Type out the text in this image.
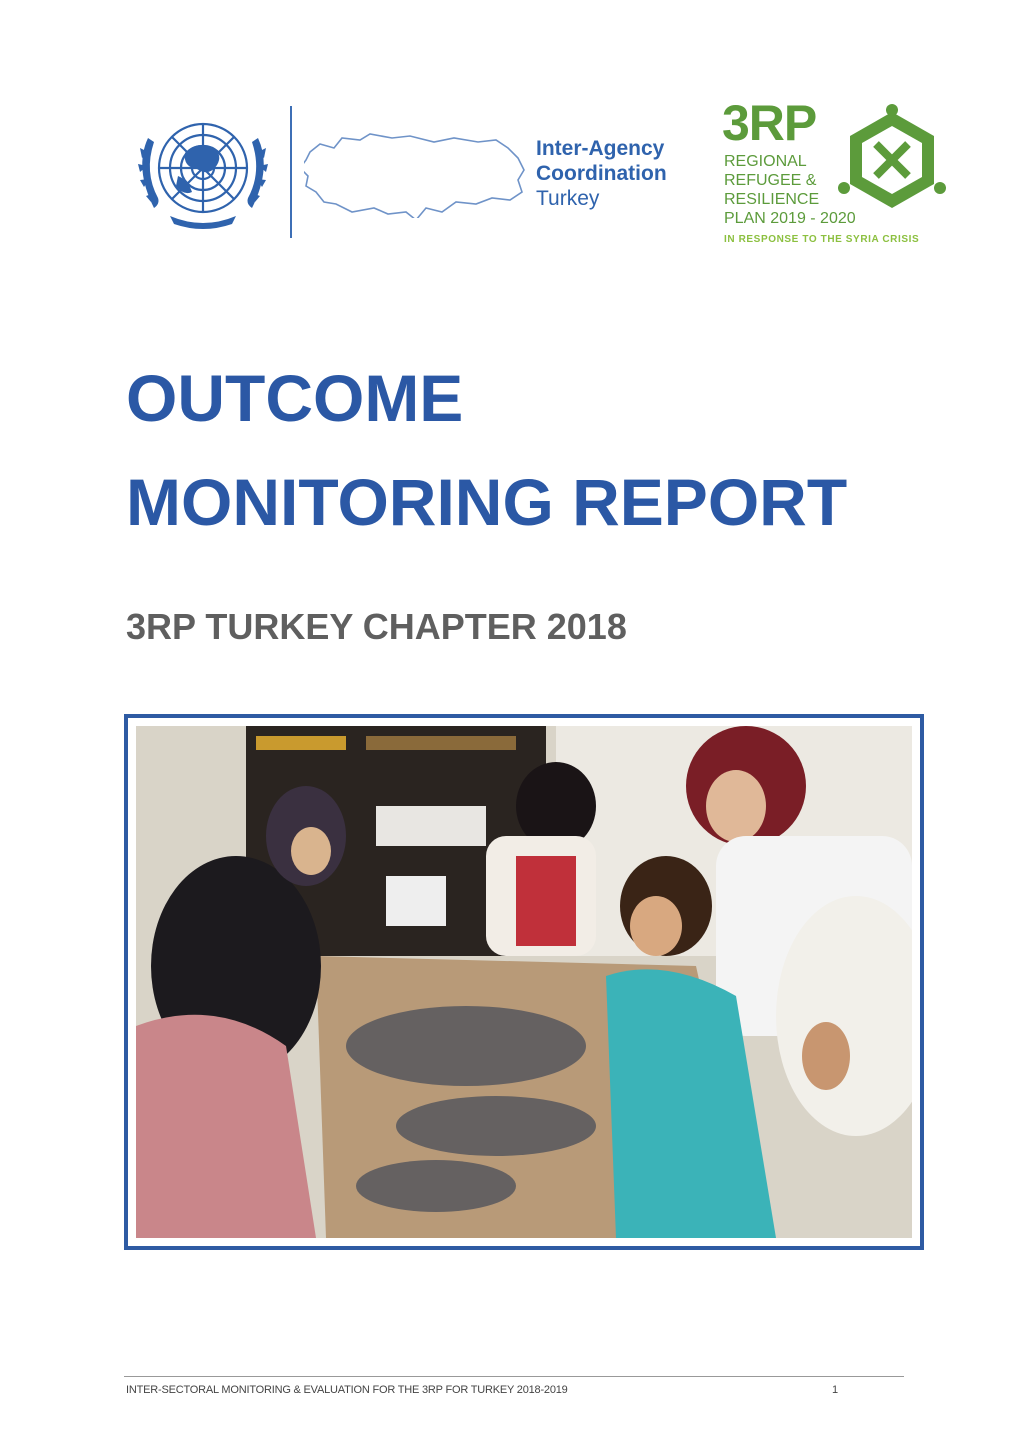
Inter-Agency
Coordination
Turkey
3RP
REGIONAL
REFUGEE &
RESILIENCE
PLAN 2019 - 2020
IN RESPONSE TO THE SYRIA CRISIS
OUTCOME
MONITORING REPORT
3RP TURKEY CHAPTER 2018
INTER-SECTORAL MONITORING & EVALUATION FOR THE 3RP FOR TURKEY 2018-2019	1
